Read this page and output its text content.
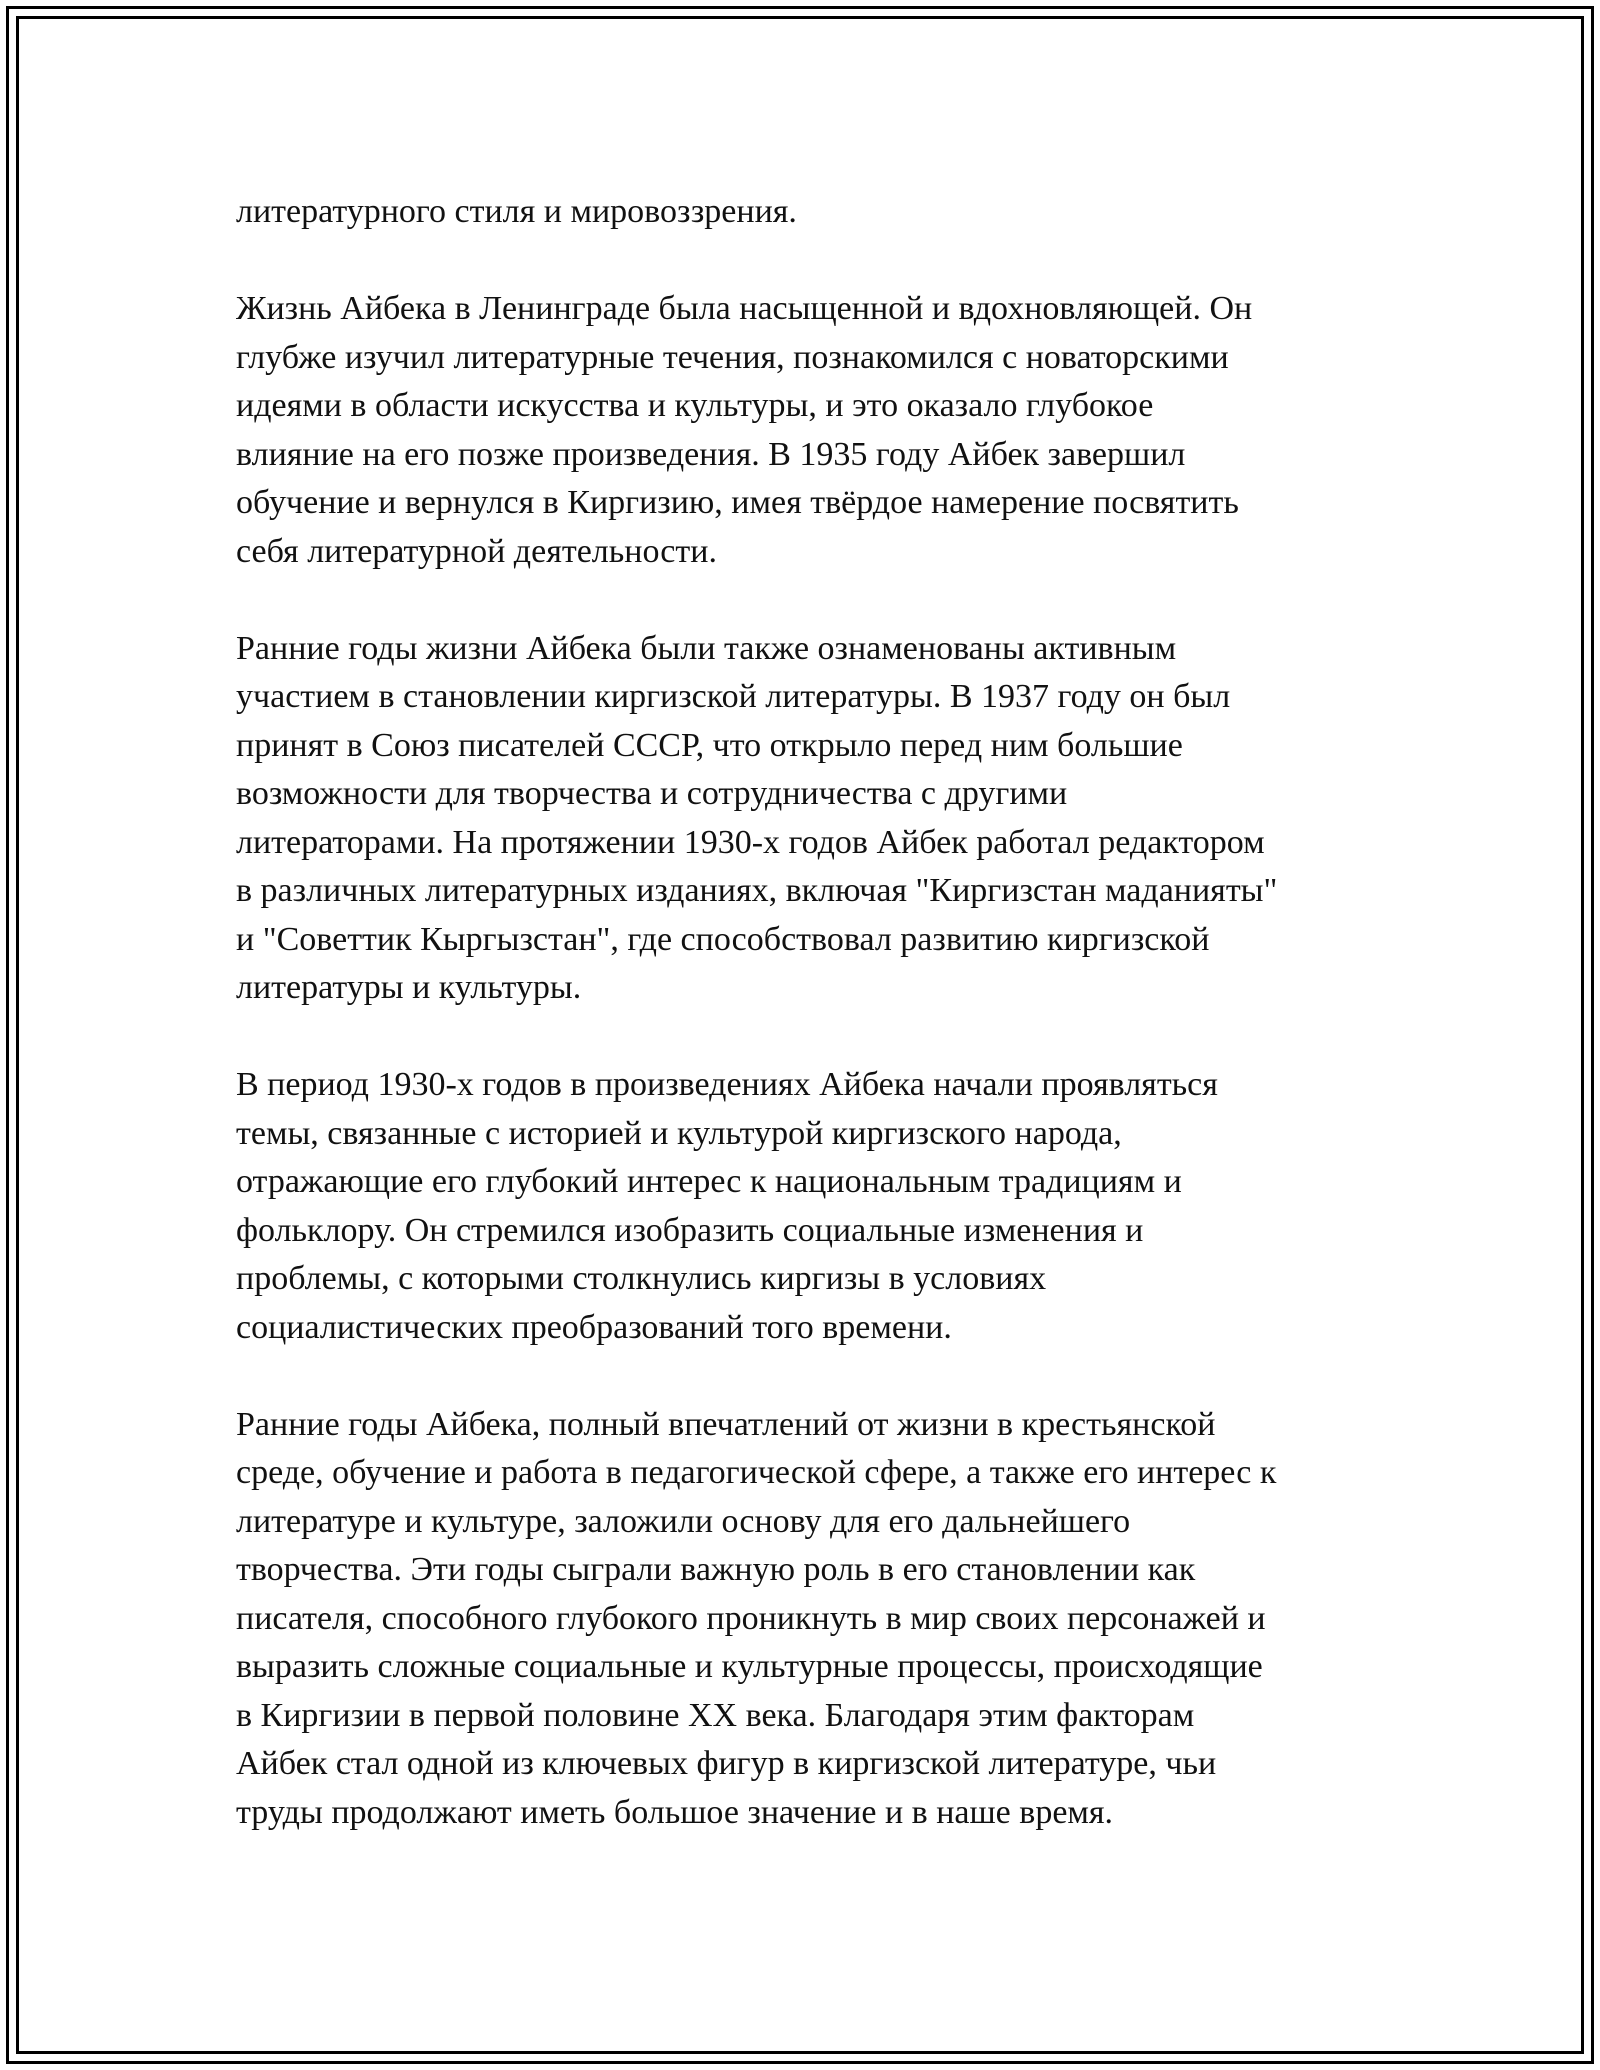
литературного стиля и мировоззрения.

Жизнь Айбека в Ленинграде была насыщенной и вдохновляющей. Он
глубже изучил литературные течения, познакомился с новаторскими
идеями в области искусства и культуры, и это оказало глубокое
влияние на его позже произведения. В 1935 году Айбек завершил
обучение и вернулся в Киргизию, имея твёрдое намерение посвятить
себя литературной деятельности.

Ранние годы жизни Айбека были также ознаменованы активным
участием в становлении киргизской литературы. В 1937 году он был
принят в Союз писателей СССР, что открыло перед ним большие
возможности для творчества и сотрудничества с другими
литераторами. На протяжении 1930-х годов Айбек работал редактором
в различных литературных изданиях, включая "Киргизстан маданияты"
и "Советтик Кыргызстан", где способствовал развитию киргизской
литературы и культуры.

В период 1930-х годов в произведениях Айбека начали проявляться
темы, связанные с историей и культурой киргизского народа,
отражающие его глубокий интерес к национальным традициям и
фольклору. Он стремился изобразить социальные изменения и
проблемы, с которыми столкнулись киргизы в условиях
социалистических преобразований того времени.

Ранние годы Айбека, полный впечатлений от жизни в крестьянской
среде, обучение и работа в педагогической сфере, а также его интерес к
литературе и культуре, заложили основу для его дальнейшего
творчества. Эти годы сыграли важную роль в его становлении как
писателя, способного глубокого проникнуть в мир своих персонажей и
выразить сложные социальные и культурные процессы, происходящие
в Киргизии в первой половине XX века. Благодаря этим факторам
Айбек стал одной из ключевых фигур в киргизской литературе, чьи
труды продолжают иметь большое значение и в наше время.
